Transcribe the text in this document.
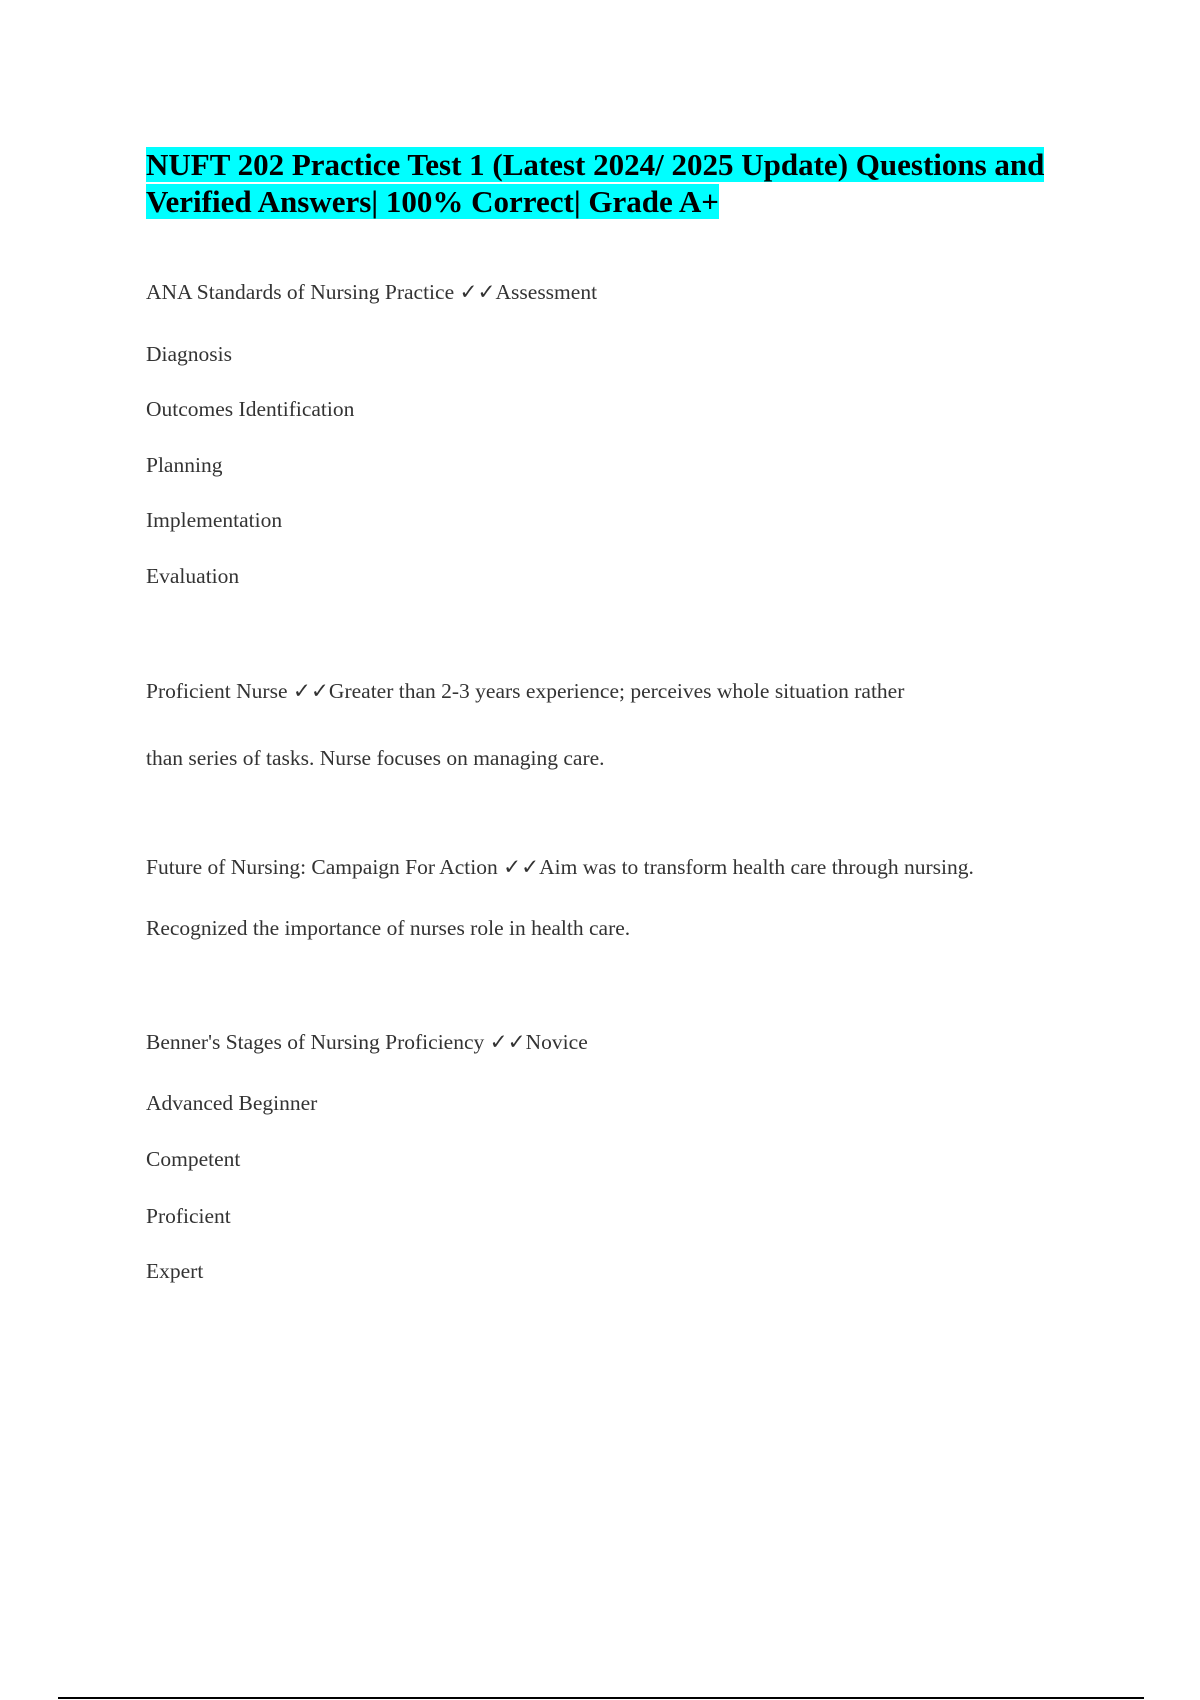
NUFT 202 Practice Test 1 (Latest 2024/ 2025 Update) Questions and Verified Answers| 100% Correct| Grade A+

ANA Standards of Nursing Practice ✓✓Assessment

Diagnosis

Outcomes Identification

Planning

Implementation

Evaluation

Proficient Nurse ✓✓Greater than 2-3 years experience; perceives whole situation rather

than series of tasks. Nurse focuses on managing care.

Future of Nursing: Campaign For Action ✓✓Aim was to transform health care through nursing.

Recognized the importance of nurses role in health care.

Benner's Stages of Nursing Proficiency ✓✓Novice

Advanced Beginner

Competent

Proficient

Expert
